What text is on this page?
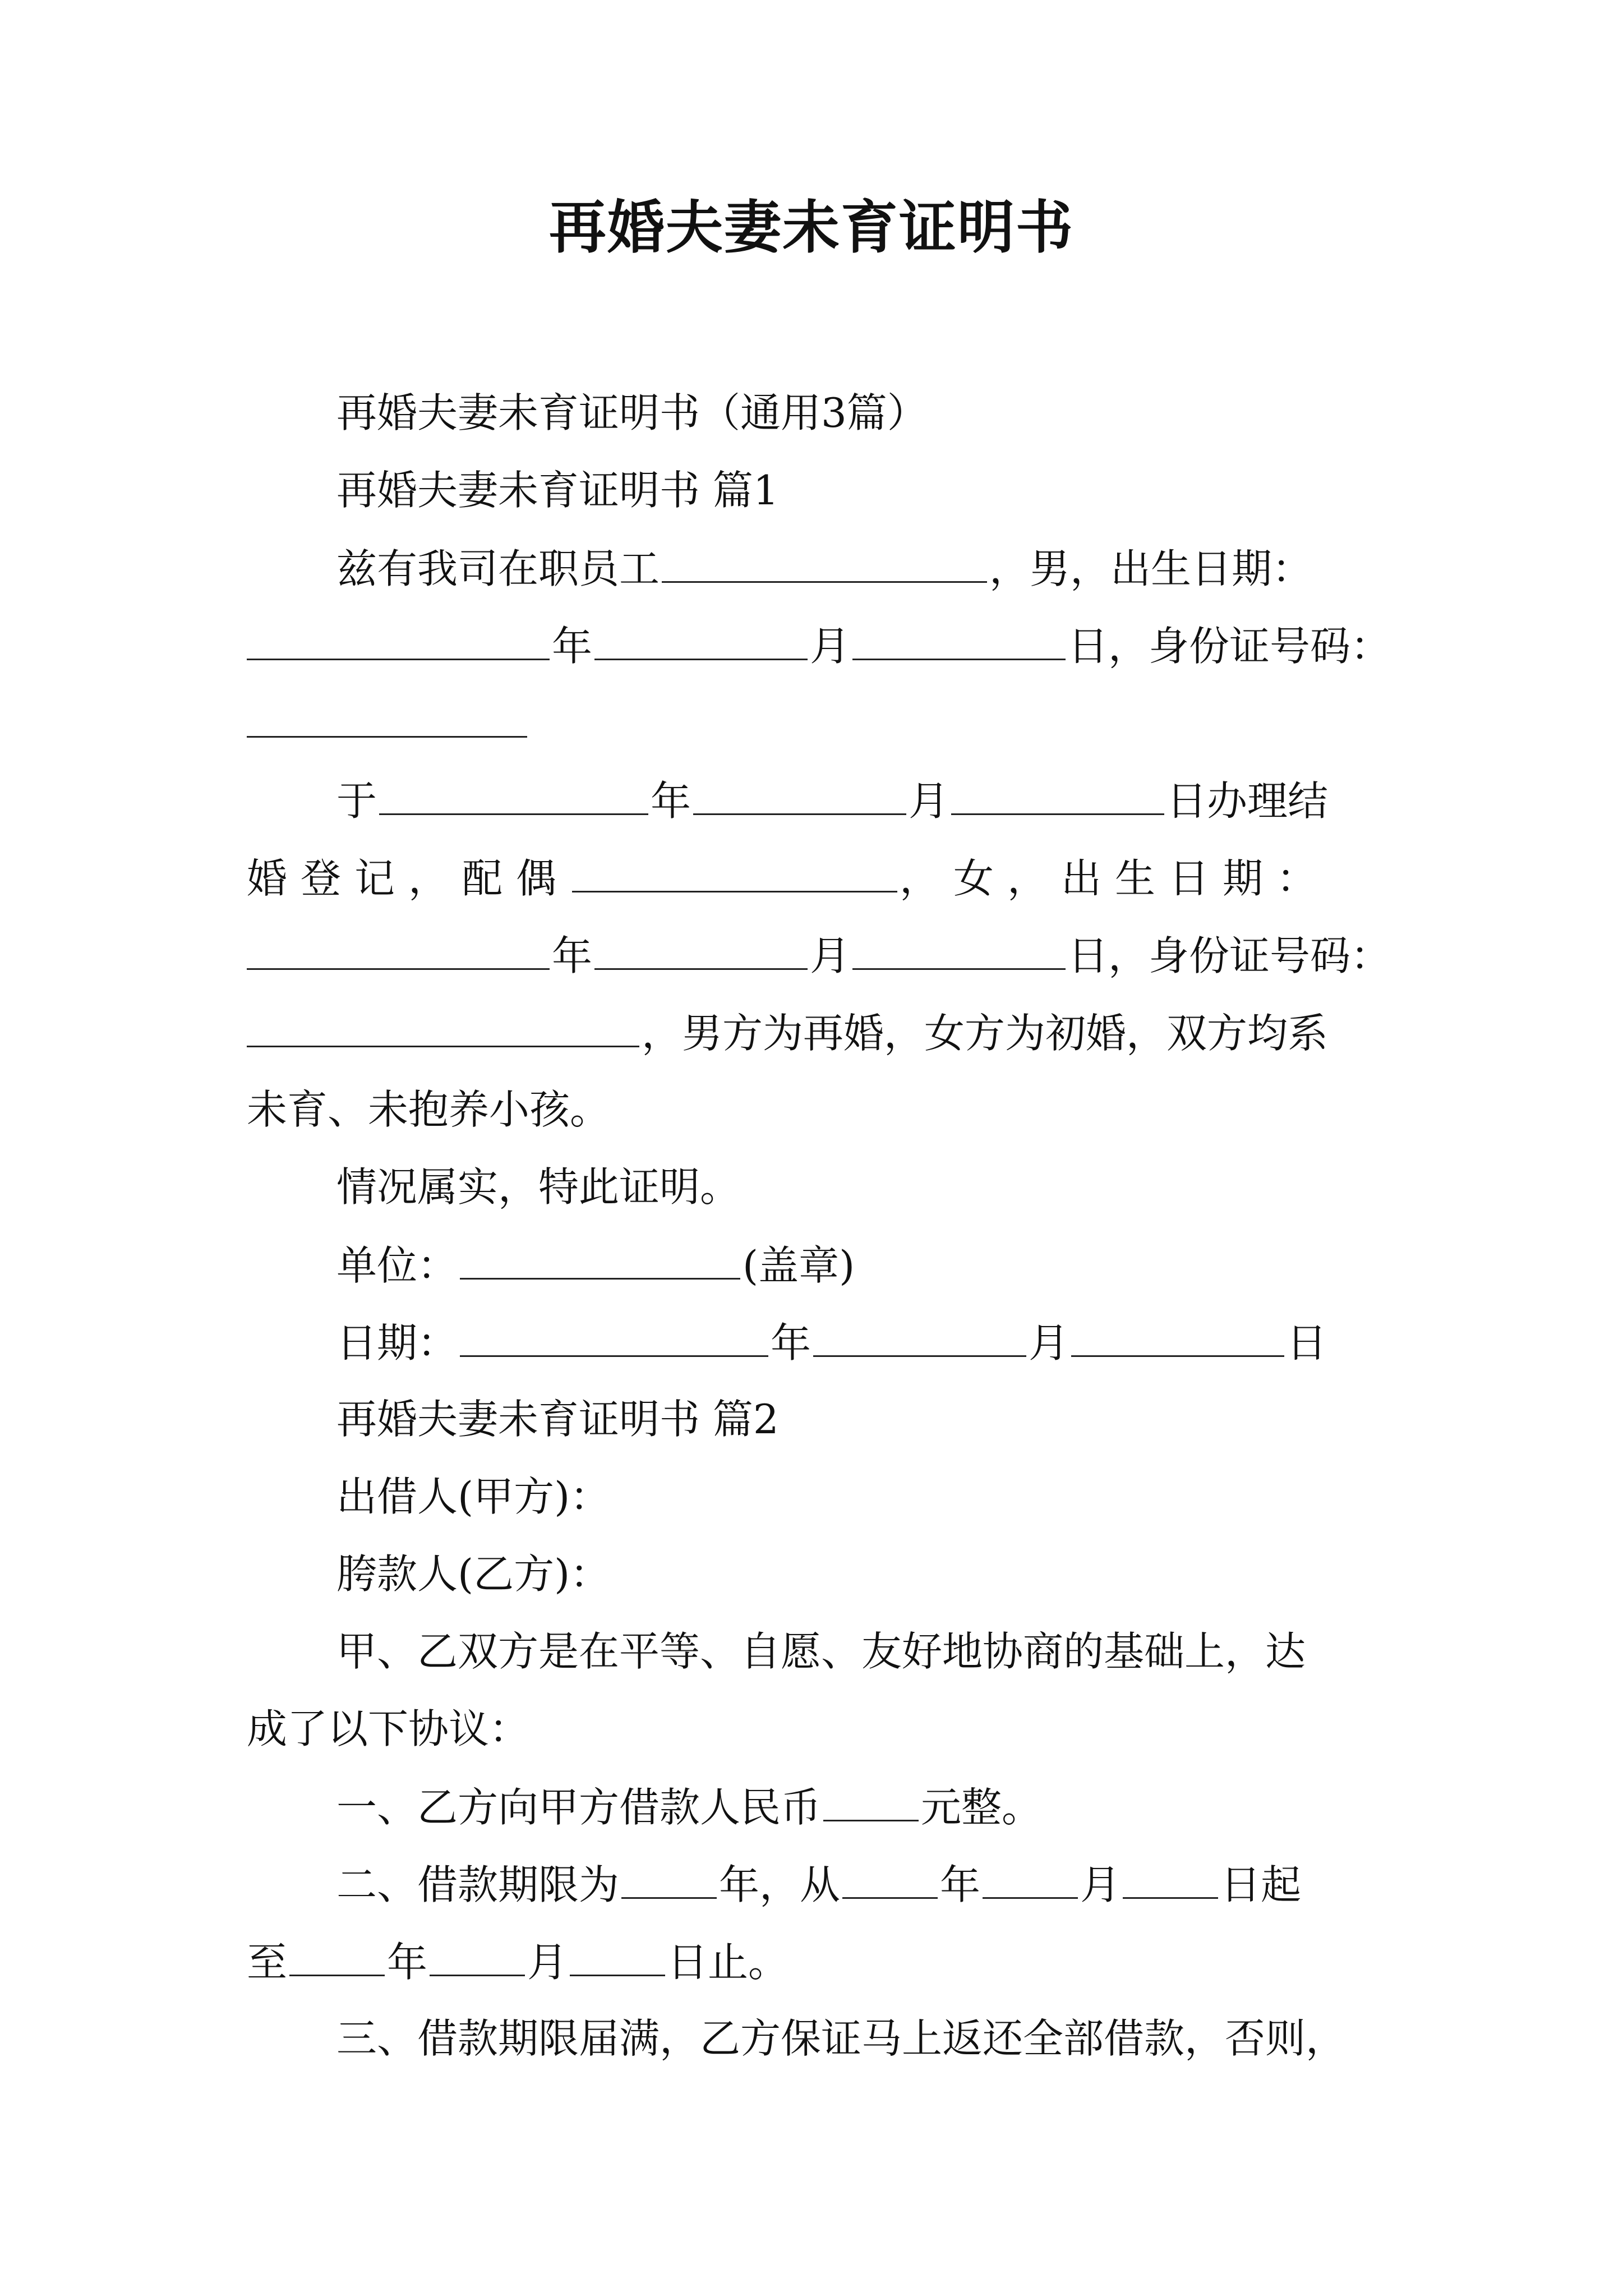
再婚夫妻未育证明书
再婚夫妻未育证明书（通用3篇）
再婚夫妻未育证明书 篇1
兹有我司在职员工	，男，出生日期：
年	月	日，身份证号码：
于	年	月	日办理结
婚登记，配偶	，女，出生日期：
年	月	日，身份证号码：
，男方为再婚，女方为初婚，双方均系
未育、未抱养小孩。
情况属实，特此证明。
单位：	(盖章)
日期：	年	月	日
再婚夫妻未育证明书 篇2
出借人(甲方)：
胯款人(乙方)：
甲、乙双方是在平等、自愿、友好地协商的基础上，达
成了以下协议：
一、乙方向甲方借款人民币 元整。
二、借款期限为 年，从 年 月 日起
至 年 月 日止。
三、借款期限届满，乙方保证马上返还全部借款，否则，
